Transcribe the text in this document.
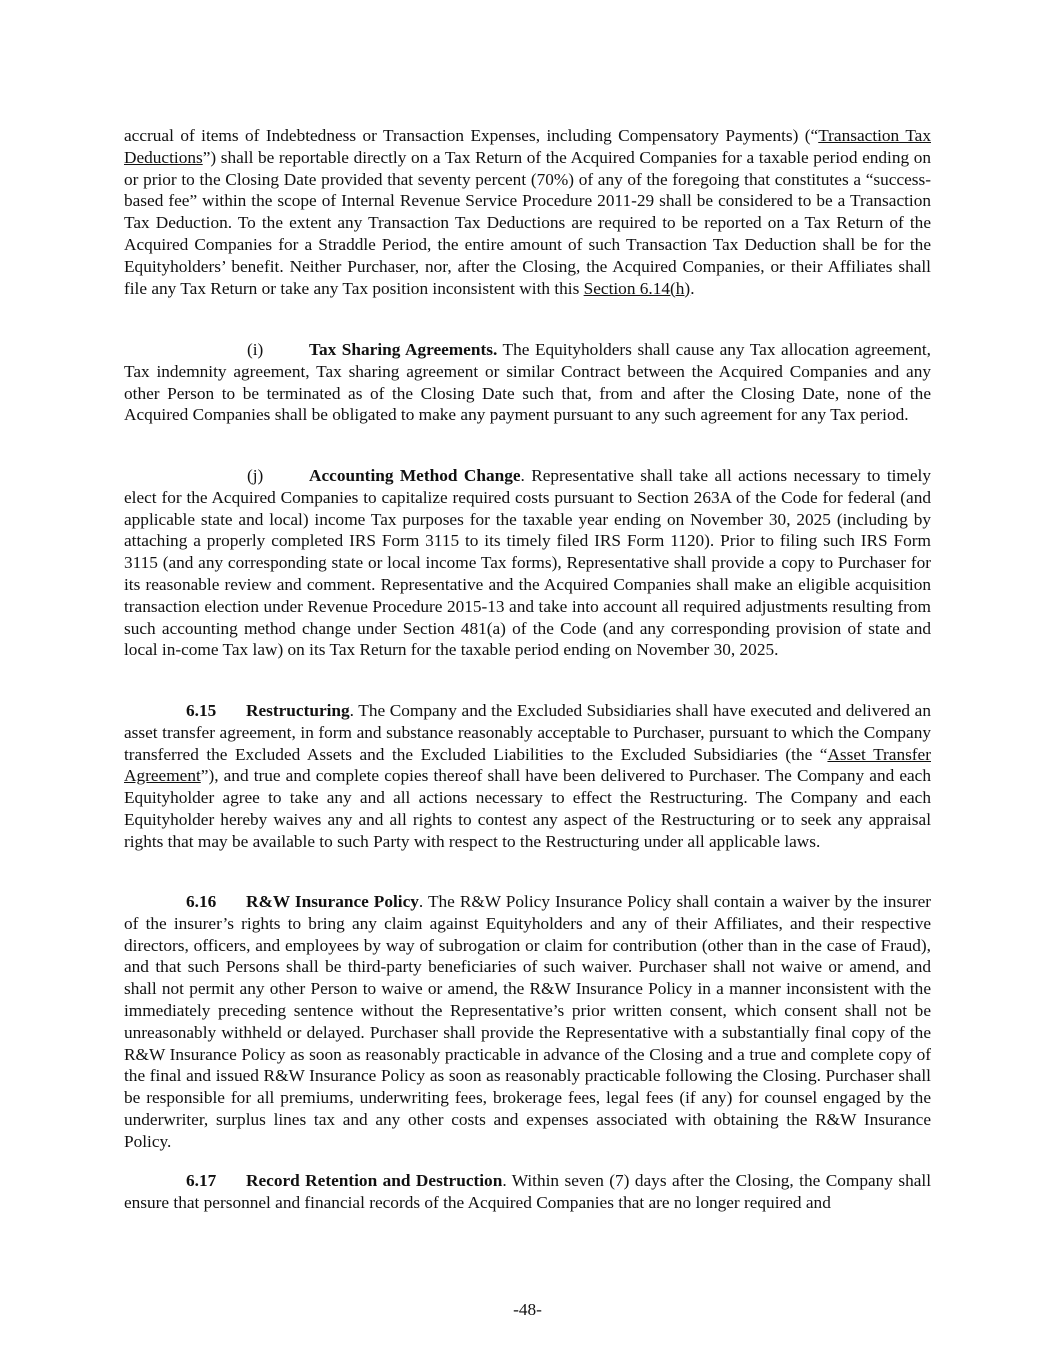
accrual of items of Indebtedness or Transaction Expenses, including Compensatory Payments) (“Transaction Tax Deductions”) shall be reportable directly on a Tax Return of the Acquired Companies for a taxable period ending on or prior to the Closing Date provided that seventy percent (70%) of any of the foregoing that constitutes a “success-based fee” within the scope of Internal Revenue Service Procedure 2011-29 shall be considered to be a Transaction Tax Deduction. To the extent any Transaction Tax Deductions are required to be reported on a Tax Return of the Acquired Companies for a Straddle Period, the entire amount of such Transaction Tax Deduction shall be for the Equityholders’ benefit. Neither Purchaser, nor, after the Closing, the Acquired Companies, or their Affiliates shall file any Tax Return or take any Tax position inconsistent with this Section 6.14(h).

(i)	Tax Sharing Agreements. The Equityholders shall cause any Tax allocation agreement, Tax indemnity agreement, Tax sharing agreement or similar Contract between the Acquired Companies and any other Person to be terminated as of the Closing Date such that, from and after the Closing Date, none of the Acquired Companies shall be obligated to make any payment pursuant to any such agreement for any Tax period.

(j)	Accounting Method Change. Representative shall take all actions necessary to timely elect for the Acquired Companies to capitalize required costs pursuant to Section 263A of the Code for federal (and applicable state and local) income Tax purposes for the taxable year ending on November 30, 2025 (including by attaching a properly completed IRS Form 3115 to its timely filed IRS Form 1120). Prior to filing such IRS Form 3115 (and any corresponding state or local income Tax forms), Representative shall provide a copy to Purchaser for its reasonable review and comment. Representative and the Acquired Companies shall make an eligible acquisition transaction election under Revenue Procedure 2015-13 and take into account all required adjustments resulting from such accounting method change under Section 481(a) of the Code (and any corresponding provision of state and local in-come Tax law) on its Tax Return for the taxable period ending on November 30, 2025.

6.15 Restructuring. The Company and the Excluded Subsidiaries shall have executed and delivered an asset transfer agreement, in form and substance reasonably acceptable to Purchaser, pursuant to which the Company transferred the Excluded Assets and the Excluded Liabilities to the Excluded Subsidiaries (the “Asset Transfer Agreement”), and true and complete copies thereof shall have been delivered to Purchaser. The Company and each Equityholder agree to take any and all actions necessary to effect the Restructuring. The Company and each Equityholder hereby waives any and all rights to contest any aspect of the Restructuring or to seek any appraisal rights that may be available to such Party with respect to the Restructuring under all applicable laws.

6.16 R&W Insurance Policy. The R&W Policy Insurance Policy shall contain a waiver by the insurer of the insurer’s rights to bring any claim against Equityholders and any of their Affiliates, and their respective directors, officers, and employees by way of subrogation or claim for contribution (other than in the case of Fraud), and that such Persons shall be third-party beneficiaries of such waiver. Purchaser shall not waive or amend, and shall not permit any other Person to waive or amend, the R&W Insurance Policy in a manner inconsistent with the immediately preceding sentence without the Representative’s prior written consent, which consent shall not be unreasonably withheld or delayed. Purchaser shall provide the Representative with a substantially final copy of the R&W Insurance Policy as soon as reasonably practicable in advance of the Closing and a true and complete copy of the final and issued R&W Insurance Policy as soon as reasonably practicable following the Closing. Purchaser shall be responsible for all premiums, underwriting fees, brokerage fees, legal fees (if any) for counsel engaged by the underwriter, surplus lines tax and any other costs and expenses associated with obtaining the R&W Insurance Policy.

6.17 Record Retention and Destruction. Within seven (7) days after the Closing, the Company shall ensure that personnel and financial records of the Acquired Companies that are no longer required and

-48-
